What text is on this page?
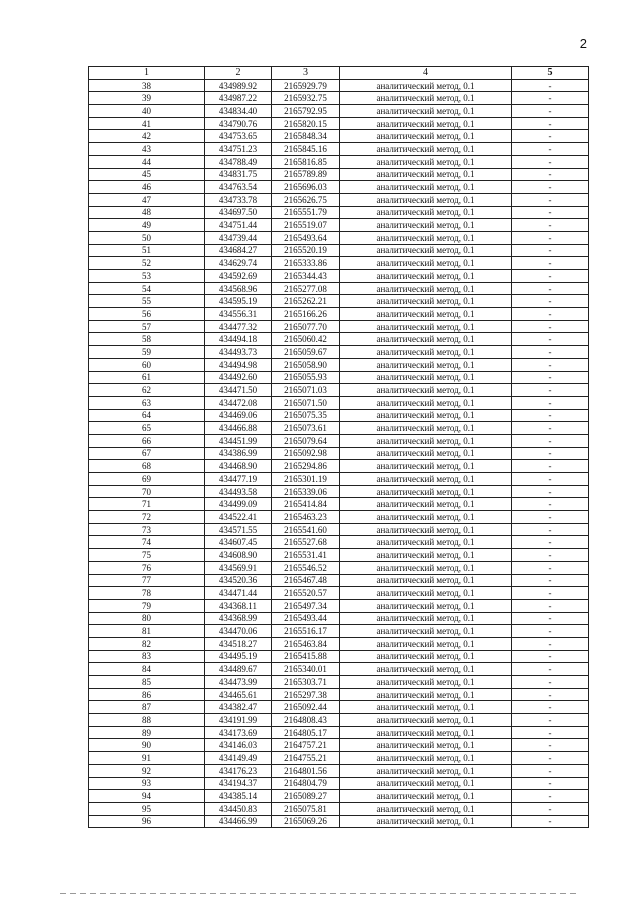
2
1	2	3	4	5
38	434989.92	2165929.79	аналитический метод, 0.1	-
39	434987.22	2165932.75	аналитический метод, 0.1	-
40	434834.40	2165792.95	аналитический метод, 0.1	-
41	434790.76	2165820.15	аналитический метод, 0.1	-
42	434753.65	2165848.34	аналитический метод, 0.1	-
43	434751.23	2165845.16	аналитический метод, 0.1	-
44	434788.49	2165816.85	аналитический метод, 0.1	-
45	434831.75	2165789.89	аналитический метод, 0.1	-
46	434763.54	2165696.03	аналитический метод, 0.1	-
47	434733.78	2165626.75	аналитический метод, 0.1	-
48	434697.50	2165551.79	аналитический метод, 0.1	-
49	434751.44	2165519.07	аналитический метод, 0.1	-
50	434739.44	2165493.64	аналитический метод, 0.1	-
51	434684.27	2165520.19	аналитический метод, 0.1	-
52	434629.74	2165333.86	аналитический метод, 0.1	-
53	434592.69	2165344.43	аналитический метод, 0.1	-
54	434568.96	2165277.08	аналитический метод, 0.1	-
55	434595.19	2165262.21	аналитический метод, 0.1	-
56	434556.31	2165166.26	аналитический метод, 0.1	-
57	434477.32	2165077.70	аналитический метод, 0.1	-
58	434494.18	2165060.42	аналитический метод, 0.1	-
59	434493.73	2165059.67	аналитический метод, 0.1	-
60	434494.98	2165058.90	аналитический метод, 0.1	-
61	434492.60	2165055.93	аналитический метод, 0.1	-
62	434471.50	2165071.03	аналитический метод, 0.1	-
63	434472.08	2165071.50	аналитический метод, 0.1	-
64	434469.06	2165075.35	аналитический метод, 0.1	-
65	434466.88	2165073.61	аналитический метод, 0.1	-
66	434451.99	2165079.64	аналитический метод, 0.1	-
67	434386.99	2165092.98	аналитический метод, 0.1	-
68	434468.90	2165294.86	аналитический метод, 0.1	-
69	434477.19	2165301.19	аналитический метод, 0.1	-
70	434493.58	2165339.06	аналитический метод, 0.1	-
71	434499.09	2165414.84	аналитический метод, 0.1	-
72	434522.41	2165463.23	аналитический метод, 0.1	-
73	434571.55	2165541.60	аналитический метод, 0.1	-
74	434607.45	2165527.68	аналитический метод, 0.1	-
75	434608.90	2165531.41	аналитический метод, 0.1	-
76	434569.91	2165546.52	аналитический метод, 0.1	-
77	434520.36	2165467.48	аналитический метод, 0.1	-
78	434471.44	2165520.57	аналитический метод, 0.1	-
79	434368.11	2165497.34	аналитический метод, 0.1	-
80	434368.99	2165493.44	аналитический метод, 0.1	-
81	434470.06	2165516.17	аналитический метод, 0.1	-
82	434518.27	2165463.84	аналитический метод, 0.1	-
83	434495.19	2165415.88	аналитический метод, 0.1	-
84	434489.67	2165340.01	аналитический метод, 0.1	-
85	434473.99	2165303.71	аналитический метод, 0.1	-
86	434465.61	2165297.38	аналитический метод, 0.1	-
87	434382.47	2165092.44	аналитический метод, 0.1	-
88	434191.99	2164808.43	аналитический метод, 0.1	-
89	434173.69	2164805.17	аналитический метод, 0.1	-
90	434146.03	2164757.21	аналитический метод, 0.1	-
91	434149.49	2164755.21	аналитический метод, 0.1	-
92	434176.23	2164801.56	аналитический метод, 0.1	-
93	434194.37	2164804.79	аналитический метод, 0.1	-
94	434385.14	2165089.27	аналитический метод, 0.1	-
95	434450.83	2165075.81	аналитический метод, 0.1	-
96	434466.99	2165069.26	аналитический метод, 0.1	-
